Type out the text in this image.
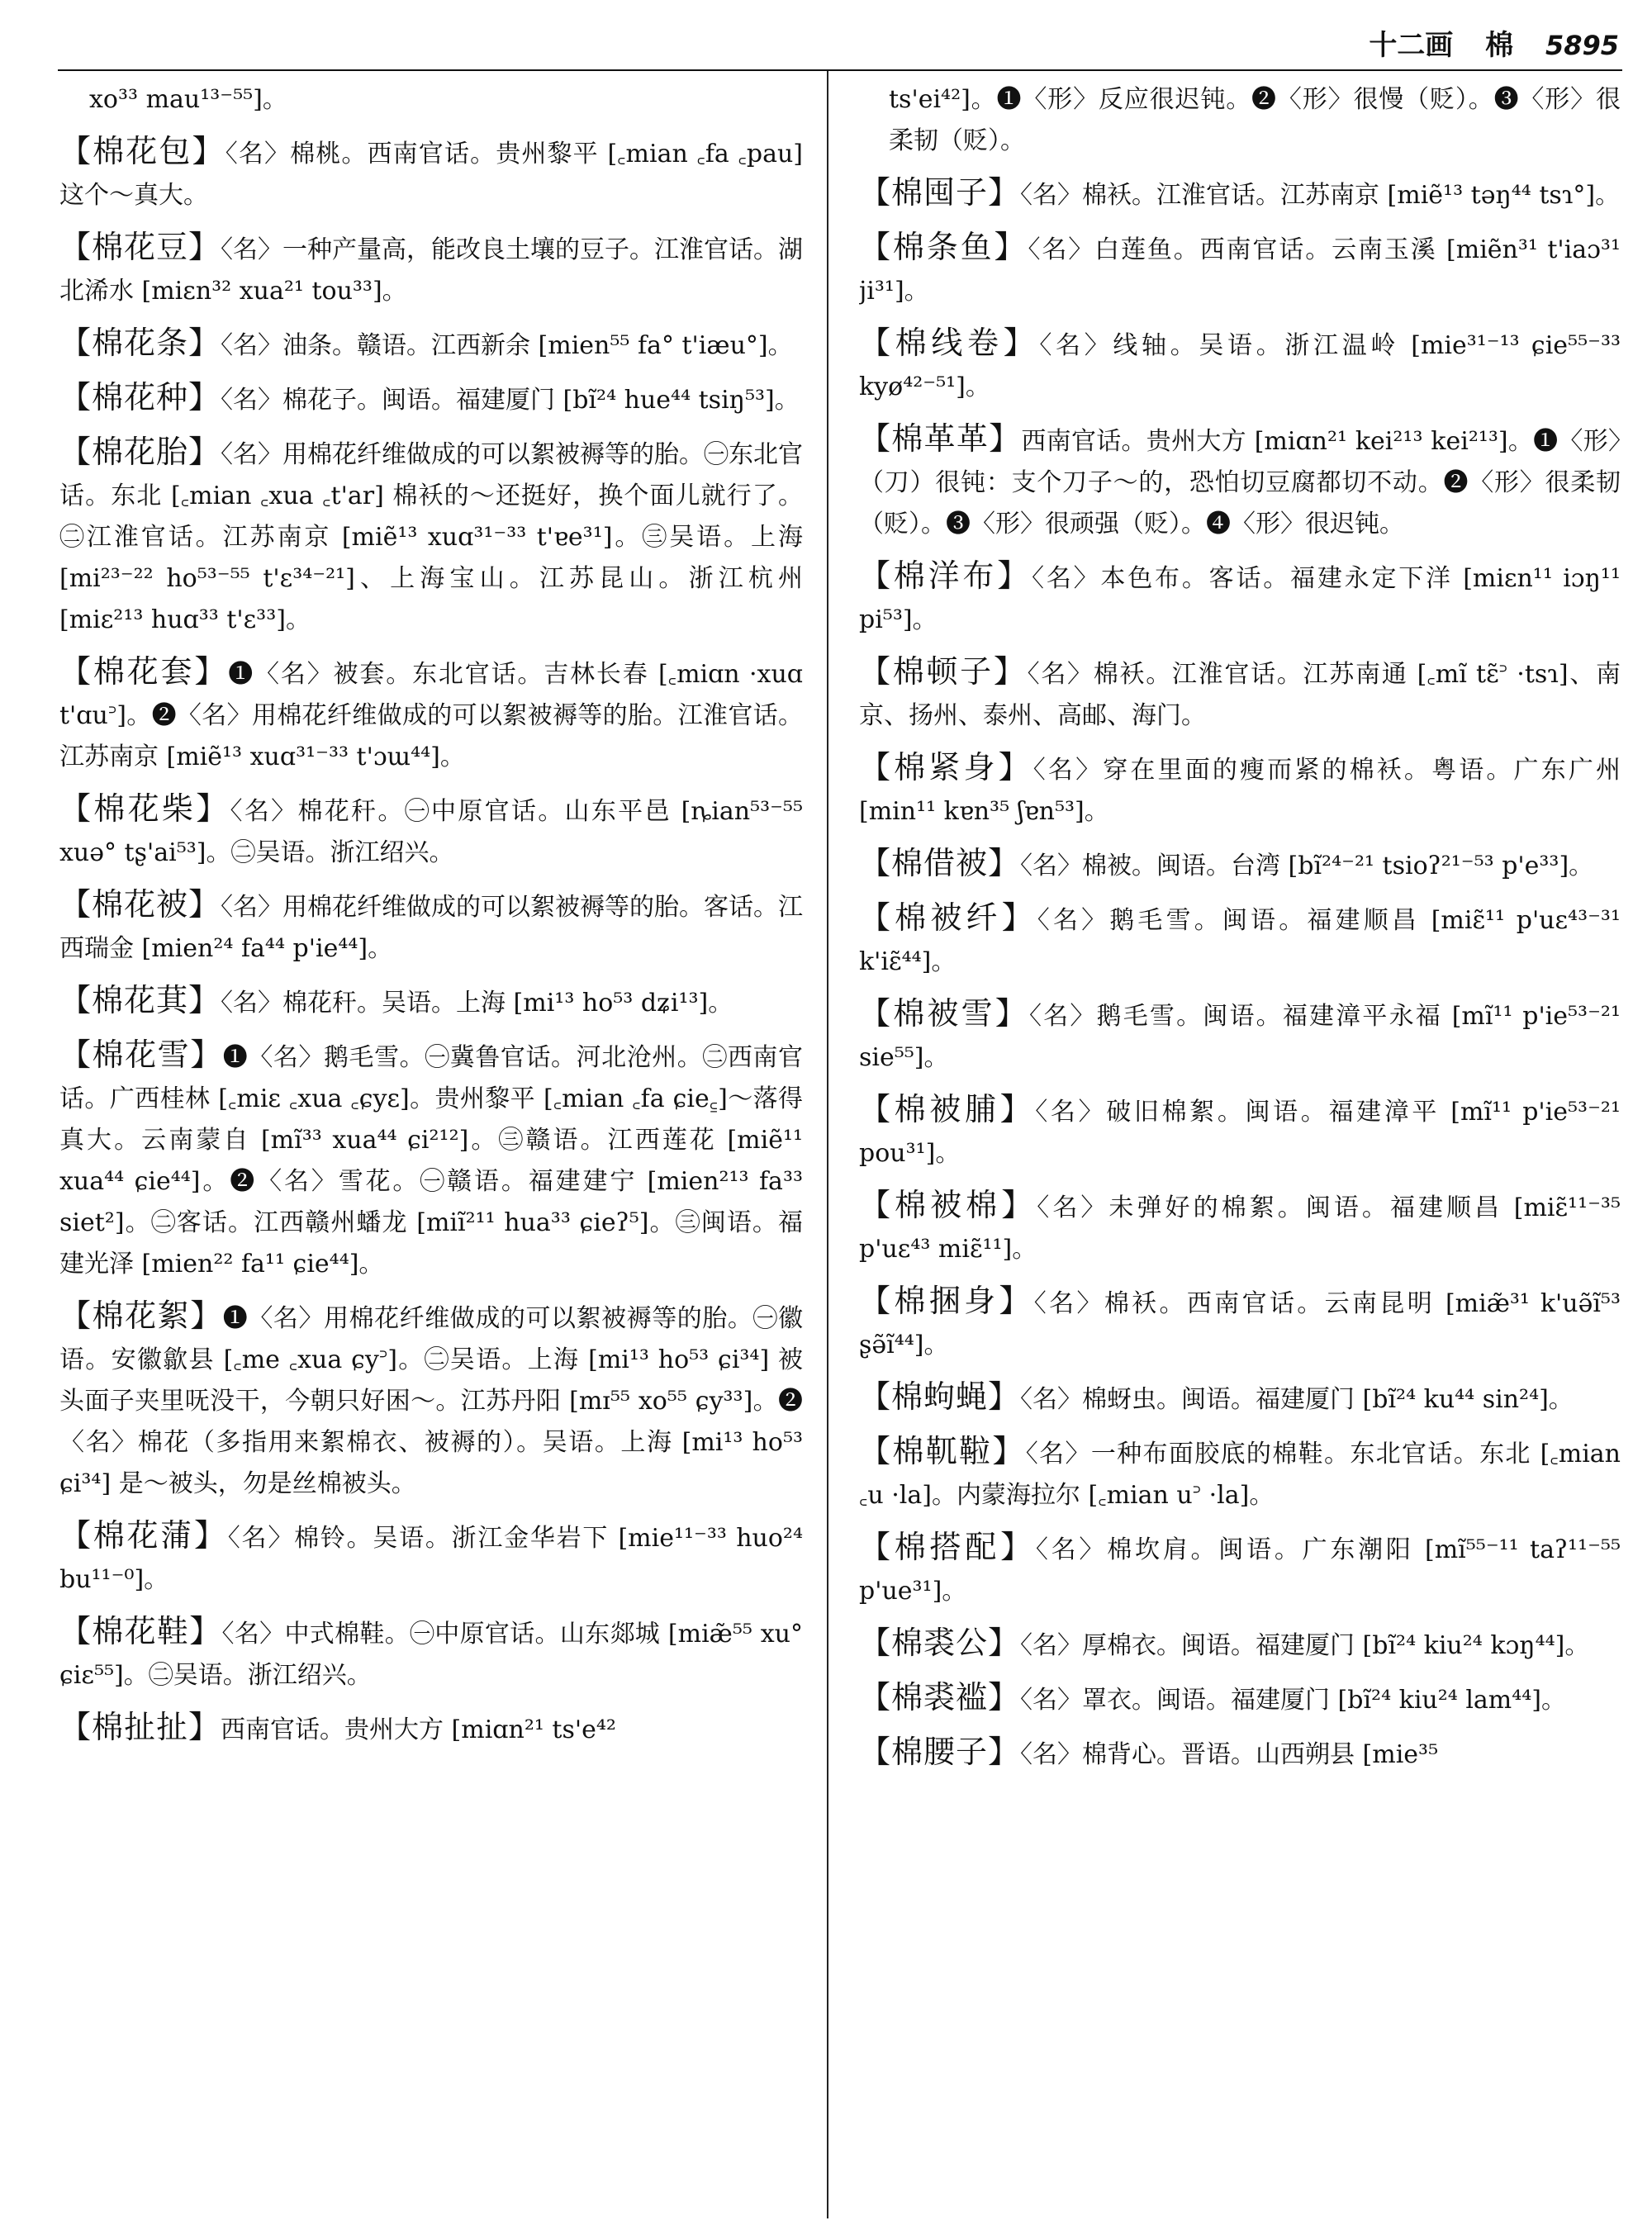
十二画 棉 5895
xo³³ mau¹³⁻⁵⁵]。
【棉花包】〈名〉棉桃。西南官话。贵州黎平 [꜀mian ꜀fa ꜀pau] 这个～真大。
【棉花豆】〈名〉一种产量高，能改良土壤的豆子。江淮官话。湖北浠水 [miɛn³² xua²¹ tou³³]。
【棉花条】〈名〉油条。赣语。江西新余 [mien⁵⁵ fa° t'iæu°]。
【棉花种】〈名〉棉花子。闽语。福建厦门 [bĩ²⁴ hue⁴⁴ tsiŋ⁵³]。
【棉花胎】〈名〉用棉花纤维做成的可以絮被褥等的胎。㊀东北官话。东北 [꜀mian ꜀xua ꜀t'ar] 棉袄的～还挺好，换个面儿就行了。㊁江淮官话。江苏南京 [miẽ¹³ xuɑ³¹⁻³³ t'ɐe³¹]。㊂吴语。上海 [mi²³⁻²² ho⁵³⁻⁵⁵ t'ɛ³⁴⁻²¹]、上海宝山。江苏昆山。浙江杭州 [miɛ²¹³ huɑ³³ t'ɛ³³]。
【棉花套】❶〈名〉被套。东北官话。吉林长春 [꜀miɑn ·xuɑ t'ɑu꜄]。❷〈名〉用棉花纤维做成的可以絮被褥等的胎。江淮官话。江苏南京 [miẽ¹³ xuɑ³¹⁻³³ t'ɔɯ⁴⁴]。
【棉花柴】〈名〉棉花秆。㊀中原官话。山东平邑 [ȵian⁵³⁻⁵⁵ xuə° tʂ'ai⁵³]。㊁吴语。浙江绍兴。
【棉花被】〈名〉用棉花纤维做成的可以絮被褥等的胎。客话。江西瑞金 [mien²⁴ fa⁴⁴ p'ie⁴⁴]。
【棉花萁】〈名〉棉花秆。吴语。上海 [mi¹³ ho⁵³ dʑi¹³]。
【棉花雪】❶〈名〉鹅毛雪。㊀冀鲁官话。河北沧州。㊁西南官话。广西桂林 [꜀miɛ ꜀xua ꜀ɕyɛ]。贵州黎平 [꜀mian ꜀fa ɕie꜁]～落得真大。云南蒙自 [mĩ³³ xua⁴⁴ ɕi²¹²]。㊂赣语。江西莲花 [miẽ¹¹ xua⁴⁴ ɕie⁴⁴]。❷〈名〉雪花。㊀赣语。福建建宁 [mien²¹³ fa³³ siet²]。㊁客话。江西赣州蟠龙 [miĩ²¹¹ hua³³ ɕieʔ⁵]。㊂闽语。福建光泽 [mien²² fa¹¹ ɕie⁴⁴]。
【棉花絮】❶〈名〉用棉花纤维做成的可以絮被褥等的胎。㊀徽语。安徽歙县 [꜀me ꜀xua ɕy꜄]。㊁吴语。上海 [mi¹³ ho⁵³ ɕi³⁴] 被头面子夹里呒没干，今朝只好困～。江苏丹阳 [mɪ⁵⁵ xo⁵⁵ ɕy³³]。❷〈名〉棉花（多指用来絮棉衣、被褥的）。吴语。上海 [mi¹³ ho⁵³ ɕi³⁴] 是～被头，勿是丝棉被头。
【棉花蒲】〈名〉棉铃。吴语。浙江金华岩下 [mie¹¹⁻³³ huo²⁴ bu¹¹⁻⁰]。
【棉花鞋】〈名〉中式棉鞋。㊀中原官话。山东郯城 [miæ̃⁵⁵ xu° ɕiɛ⁵⁵]。㊁吴语。浙江绍兴。
【棉扯扯】西南官话。贵州大方 [miɑn²¹ ts'e⁴²
ts'ei⁴²]。❶〈形〉反应很迟钝。❷〈形〉很慢（贬）。❸〈形〉很柔韧（贬）。
【棉囤子】〈名〉棉袄。江淮官话。江苏南京 [miẽ¹³ təŋ⁴⁴ tsɿ°]。
【棉条鱼】〈名〉白莲鱼。西南官话。云南玉溪 [miẽn³¹ t'iaɔ³¹ ji³¹]。
【棉线卷】〈名〉线轴。吴语。浙江温岭 [mie³¹⁻¹³ ɕie⁵⁵⁻³³ kyø⁴²⁻⁵¹]。
【棉革革】西南官话。贵州大方 [miɑn²¹ kei²¹³ kei²¹³]。❶〈形〉（刀）很钝：支个刀子～的，恐怕切豆腐都切不动。❷〈形〉很柔韧（贬）。❸〈形〉很顽强（贬）。❹〈形〉很迟钝。
【棉洋布】〈名〉本色布。客话。福建永定下洋 [miɛn¹¹ iɔŋ¹¹ pi⁵³]。
【棉顿子】〈名〉棉袄。江淮官话。江苏南通 [꜀mĩ tɛ̃꜄ ·tsɿ]、南京、扬州、泰州、高邮、海门。
【棉紧身】〈名〉穿在里面的瘦而紧的棉袄。粤语。广东广州 [min¹¹ kɐn³⁵ ʃɐn⁵³]。
【棉借被】〈名〉棉被。闽语。台湾 [bĩ²⁴⁻²¹ tsioʔ²¹⁻⁵³ p'e³³]。
【棉被纤】〈名〉鹅毛雪。闽语。福建顺昌 [miɛ̃¹¹ p'uɛ⁴³⁻³¹ k'iɛ̃⁴⁴]。
【棉被雪】〈名〉鹅毛雪。闽语。福建漳平永福 [mĩ¹¹ p'ie⁵³⁻²¹ sie⁵⁵]。
【棉被脯】〈名〉破旧棉絮。闽语。福建漳平 [mĩ¹¹ p'ie⁵³⁻²¹ pou³¹]。
【棉被棉】〈名〉未弹好的棉絮。闽语。福建顺昌 [miɛ̃¹¹⁻³⁵ p'uɛ⁴³ miɛ̃¹¹]。
【棉捆身】〈名〉棉袄。西南官话。云南昆明 [miæ̃³¹ k'uə̃ĩ⁵³ ʂə̃ĩ⁴⁴]。
【棉蚼蝇】〈名〉棉蚜虫。闽语。福建厦门 [bĩ²⁴ ku⁴⁴ sin²⁴]。
【棉靰鞡】〈名〉一种布面胶底的棉鞋。东北官话。东北 [꜀mian ꜀u ·la]。内蒙海拉尔 [꜀mian u꜄ ·la]。
【棉搭配】〈名〉棉坎肩。闽语。广东潮阳 [mĩ⁵⁵⁻¹¹ taʔ¹¹⁻⁵⁵ p'ue³¹]。
【棉裘公】〈名〉厚棉衣。闽语。福建厦门 [bĩ²⁴ kiu²⁴ kɔŋ⁴⁴]。
【棉裘褴】〈名〉罩衣。闽语。福建厦门 [bĩ²⁴ kiu²⁴ lam⁴⁴]。
【棉腰子】〈名〉棉背心。晋语。山西朔县 [mie³⁵
